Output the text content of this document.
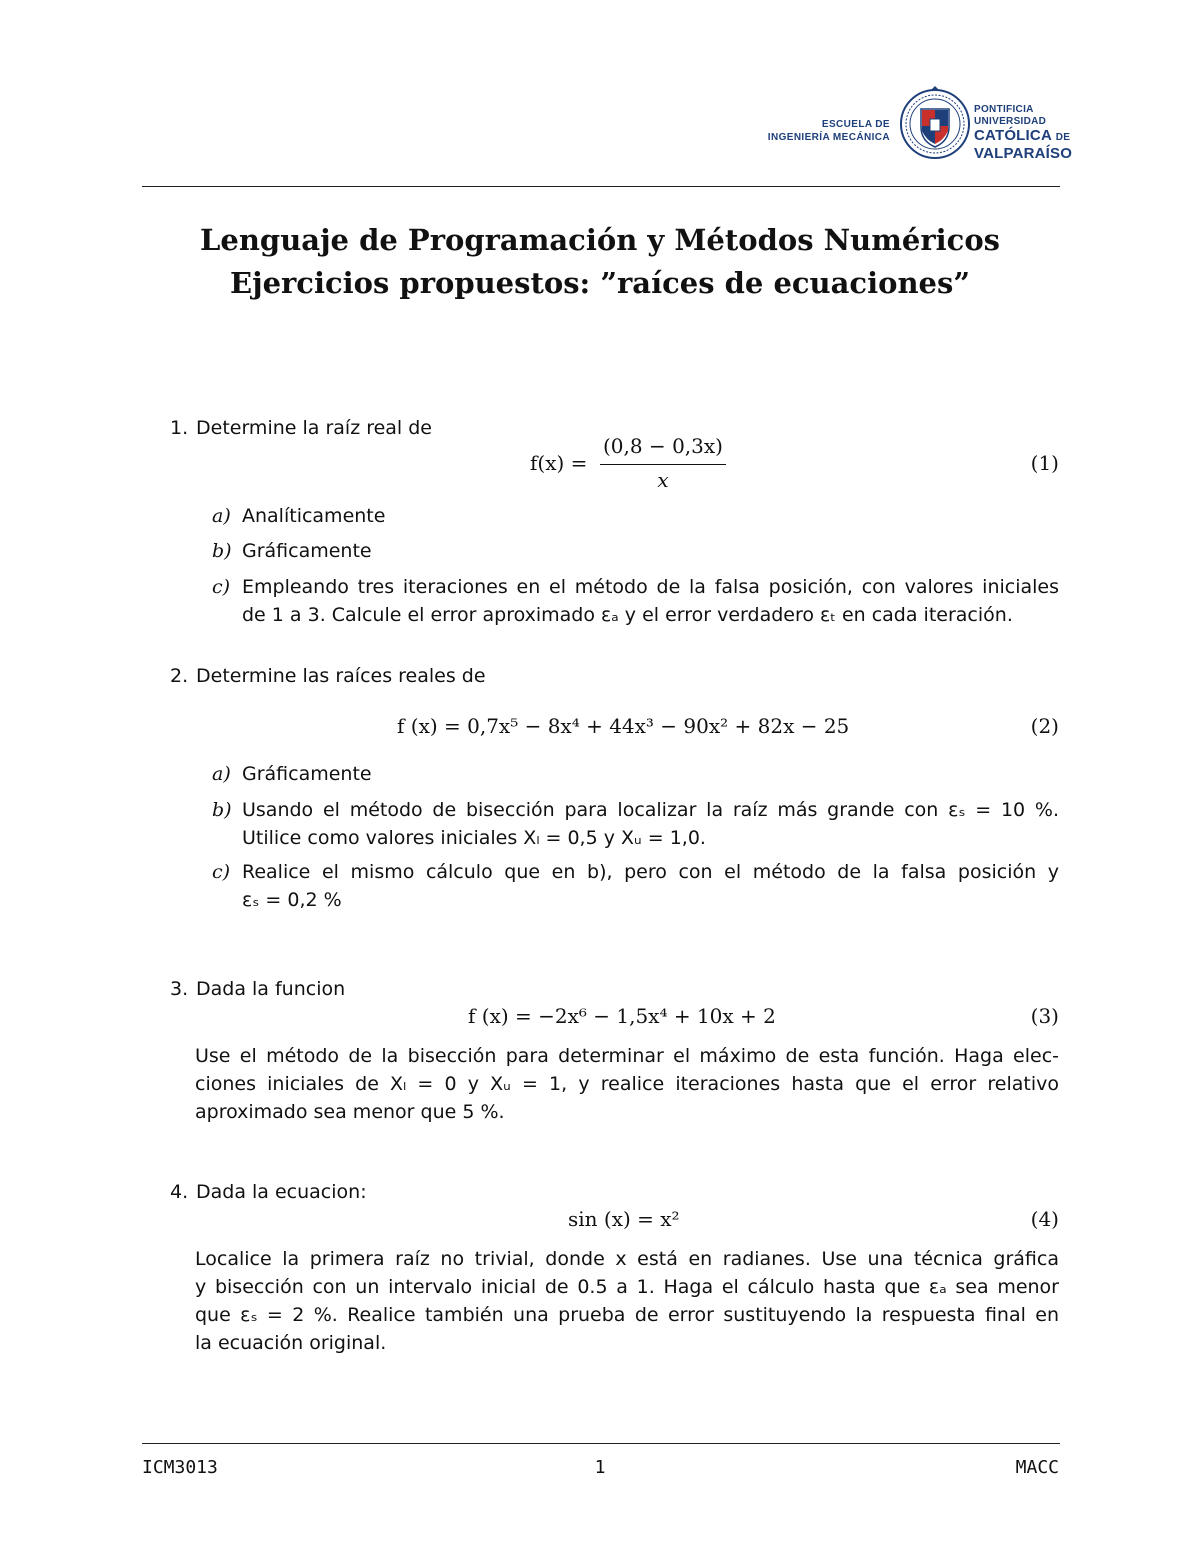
ESCUELA DE
INGENIERÍA MECÁNICA
PONTIFICIA
UNIVERSIDAD
CATÓLICA DE
VALPARAÍSO
Lenguaje de Programación y Métodos Numéricos
Ejercicios propuestos: ”raíces de ecuaciones”
1. Determine la raíz real de
f(x) =
(0,8 − 0,3x)
x
(1)
a) Analíticamente
b) Gráficamente
c) Empleando tres iteraciones en el método de la falsa posición, con valores iniciales
de 1 a 3. Calcule el error aproximado εₐ y el error verdadero εₜ en cada iteración.
2. Determine las raíces reales de
f (x) = 0,7x⁵ − 8x⁴ + 44x³ − 90x² + 82x − 25	(2)
a) Gráficamente
b) Usando el método de bisección para localizar la raíz más grande con εₛ = 10 %.
Utilice como valores iniciales Xₗ = 0,5 y Xᵤ = 1,0.
c) Realice el mismo cálculo que en b), pero con el método de la falsa posición y
εₛ = 0,2 %
3. Dada la funcion
f (x) = −2x⁶ − 1,5x⁴ + 10x + 2	(3)
Use el método de la bisección para determinar el máximo de esta función. Haga elec-
ciones iniciales de Xₗ = 0 y Xᵤ = 1, y realice iteraciones hasta que el error relativo
aproximado sea menor que 5 %.
4. Dada la ecuacion:
sin (x) = x²	(4)
Localice la primera raíz no trivial, donde x está en radianes. Use una técnica gráfica
y bisección con un intervalo inicial de 0.5 a 1. Haga el cálculo hasta que εₐ sea menor
que εₛ = 2 %. Realice también una prueba de error sustituyendo la respuesta final en
la ecuación original.
ICM3013	1	MACC
